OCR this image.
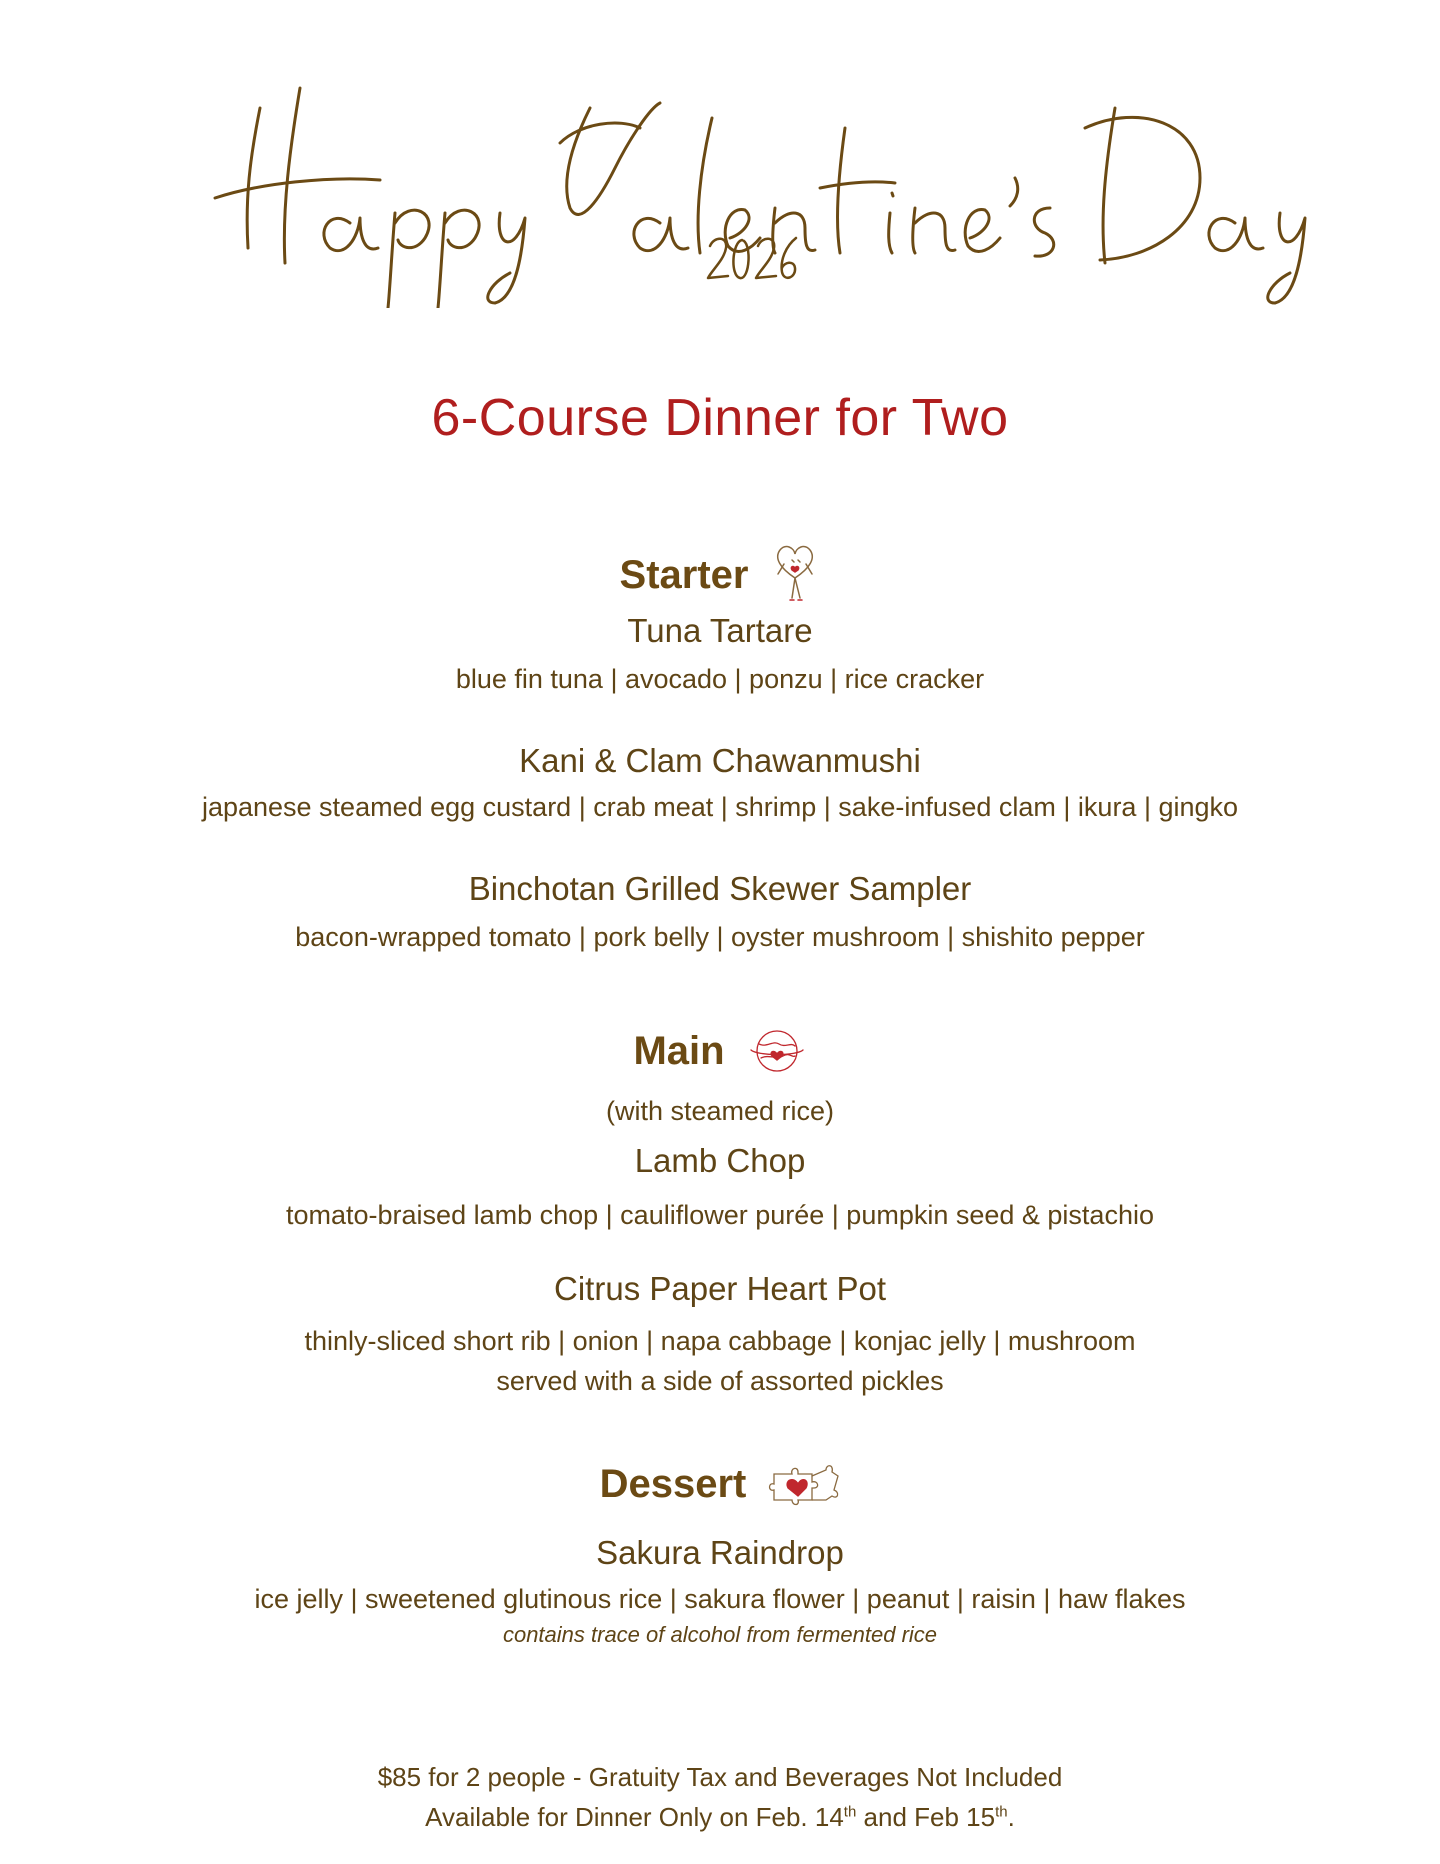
6-Course Dinner for Two
Starter
Tuna Tartare
blue fin tuna | avocado | ponzu | rice cracker
Kani & Clam Chawanmushi
japanese steamed egg custard | crab meat | shrimp | sake-infused clam | ikura | gingko
Binchotan Grilled Skewer Sampler
bacon-wrapped tomato | pork belly | oyster mushroom | shishito pepper
Main
(with steamed rice)
Lamb Chop
tomato-braised lamb chop | cauliflower purée | pumpkin seed & pistachio
Citrus Paper Heart Pot
thinly-sliced short rib | onion | napa cabbage | konjac jelly | mushroom
served with a side of assorted pickles
Dessert
Sakura Raindrop
ice jelly | sweetened glutinous rice | sakura flower | peanut | raisin | haw flakes
contains trace of alcohol from fermented rice
$85 for 2 people - Gratuity Tax and Beverages Not Included
Available for Dinner Only on Feb. 14th and Feb 15th.
